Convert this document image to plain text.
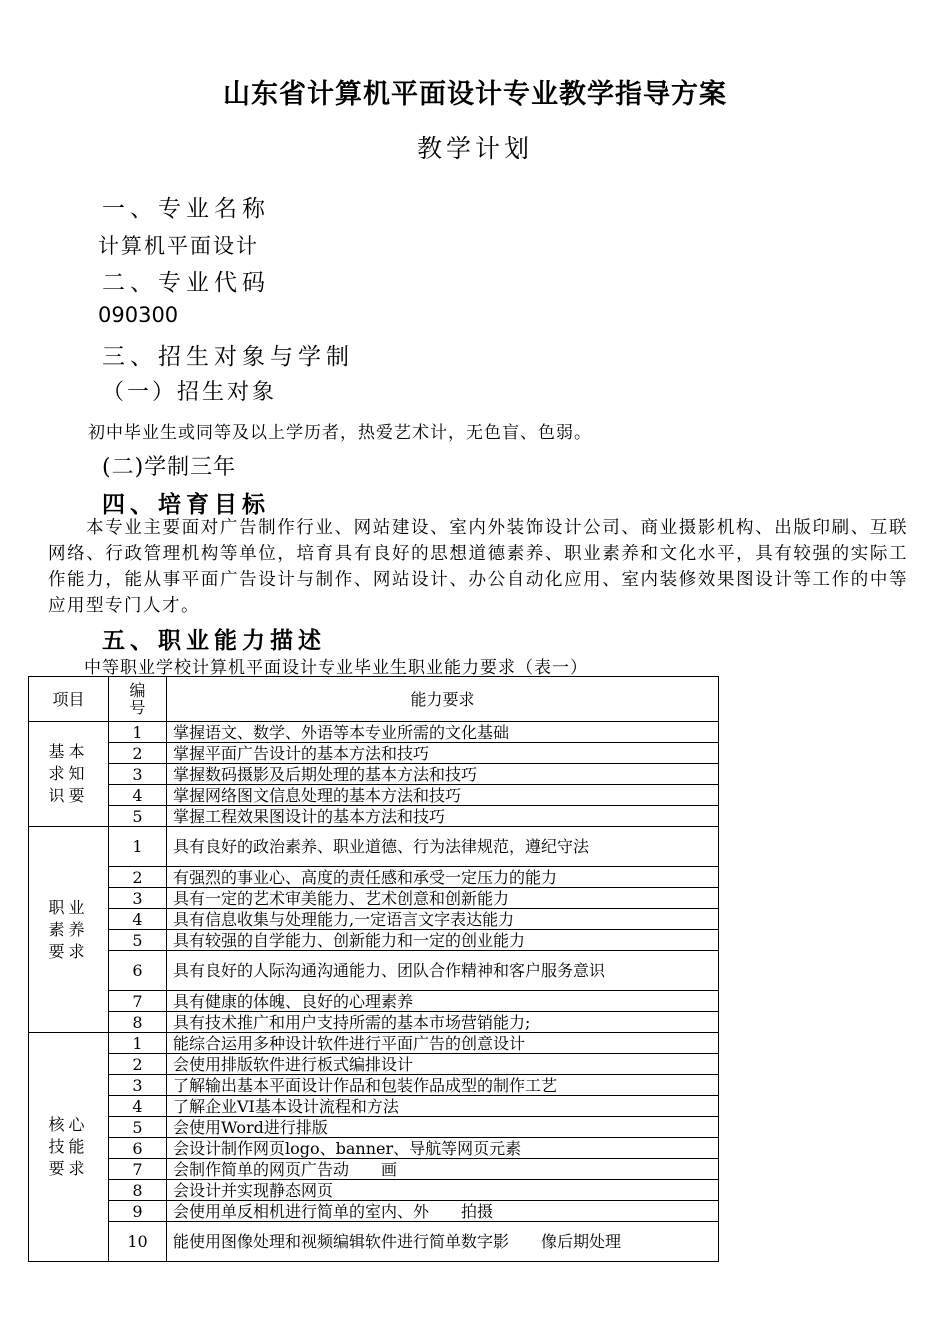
山东省计算机平面设计专业教学指导方案
教学计划
一、专业名称
计算机平面设计
二、专业代码
090300
三、招生对象与学制
（一）招生对象
初中毕业生或同等及以上学历者，热爱艺术计，无色盲、色弱。
(二)学制三年
四、培育目标
本专业主要面对广告制作行业、网站建设、室内外装饰设计公司、商业摄影机构、出版印刷、互联网络、行政管理机构等单位，培育具有良好的思想道德素养、职业素养和文化水平，具有较强的实际工作能力，能从事平面广告设计与制作、网站设计、办公自动化应用、室内装修效果图设计等工作的中等应用型专门人才。
五、职业能力描述
中等职业学校计算机平面设计专业毕业生职业能力要求（表一）
项目	编号	能力要求
基本求知识要	1	掌握语文、数学、外语等本专业所需的文化基础
	2	掌握平面广告设计的基本方法和技巧
	3	掌握数码摄影及后期处理的基本方法和技巧
	4	掌握网络图文信息处理的基本方法和技巧
	5	掌握工程效果图设计的基本方法和技巧
职业素养要求	1	具有良好的政治素养、职业道德、行为法律规范，遵纪守法
	2	有强烈的事业心、高度的责任感和承受一定压力的能力
	3	具有一定的艺术审美能力、艺术创意和创新能力
	4	具有信息收集与处理能力,一定语言文字表达能力
	5	具有较强的自学能力、创新能力和一定的创业能力
	6	具有良好的人际沟通沟通能力、团队合作精神和客户服务意识
	7	具有健康的体魄、良好的心理素养
	8	具有技术推广和用户支持所需的基本市场营销能力;
核心技能要求	1	能综合运用多种设计软件进行平面广告的创意设计
	2	会使用排版软件进行板式编排设计
	3	了解输出基本平面设计作品和包装作品成型的制作工艺
	4	了解企业VI基本设计流程和方法
	5	会使用Word进行排版
	6	会设计制作网页logo、banner、导航等网页元素
	7	会制作简单的网页广告动　　画
	8	会设计并实现静态网页
	9	会使用单反相机进行简单的室内、外　　拍摄
	10	能使用图像处理和视频编辑软件进行简单数字影　　像后期处理
